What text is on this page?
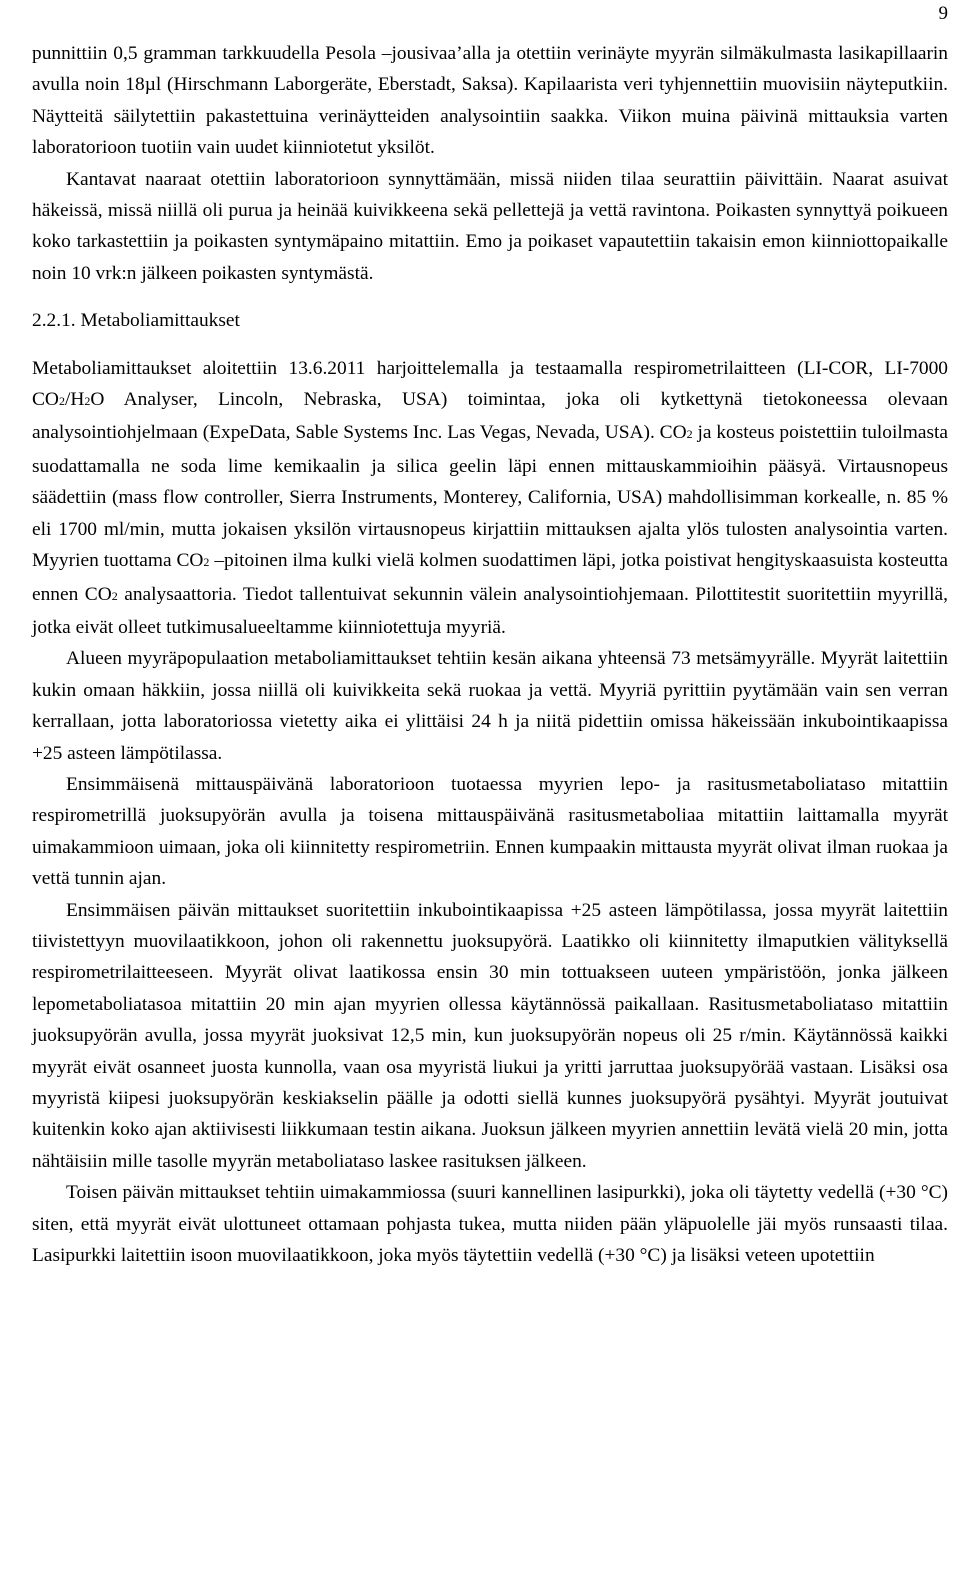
9

punnittiin 0,5 gramman tarkkuudella Pesola –jousivaa’alla ja otettiin verinäyte myyrän silmäkulmasta lasikapillaarin avulla noin 18µl (Hirschmann Laborgeräte, Eberstadt, Saksa). Kapilaarista veri tyhjennettiin muovisiin näyteputkiin. Näytteitä säilytettiin pakastettuina verinäytteiden analysointiin saakka. Viikon muina päivinä mittauksia varten laboratorioon tuotiin vain uudet kiinniotetut yksilöt.

Kantavat naaraat otettiin laboratorioon synnyttämään, missä niiden tilaa seurattiin päivittäin. Naarat asuivat häkeissä, missä niillä oli purua ja heinää kuivikkeena sekä pellettejä ja vettä ravintona. Poikasten synnyttyä poikueen koko tarkastettiin ja poikasten syntymäpaino mitattiin. Emo ja poikaset vapautettiin takaisin emon kiinniottopaikalle noin 10 vrk:n jälkeen poikasten syntymästä.

2.2.1. Metaboliamittaukset

Metaboliamittaukset aloitettiin 13.6.2011 harjoittelemalla ja testaamalla respirometrilaitteen (LI-COR, LI-7000 CO2/H2O Analyser, Lincoln, Nebraska, USA) toimintaa, joka oli kytkettynä tietokoneessa olevaan analysointiohjelmaan (ExpeData, Sable Systems Inc. Las Vegas, Nevada, USA). CO2 ja kosteus poistettiin tuloilmasta suodattamalla ne soda lime kemikaalin ja silica geelin läpi ennen mittauskammioihin pääsyä. Virtausnopeus säädettiin (mass flow controller, Sierra Instruments, Monterey, California, USA) mahdollisimman korkealle, n. 85 % eli 1700 ml/min, mutta jokaisen yksilön virtausnopeus kirjattiin mittauksen ajalta ylös tulosten analysointia varten. Myyrien tuottama CO2 –pitoinen ilma kulki vielä kolmen suodattimen läpi, jotka poistivat hengityskaasuista kosteutta ennen CO2 analysaattoria. Tiedot tallentuivat sekunnin välein analysointiohjemaan. Pilottitestit suoritettiin myyrillä, jotka eivät olleet tutkimusalueeltamme kiinniotettuja myyriä.

Alueen myyräpopulaation metaboliamittaukset tehtiin kesän aikana yhteensä 73 metsämyyrälle. Myyrät laitettiin kukin omaan häkkiin, jossa niillä oli kuivikkeita sekä ruokaa ja vettä. Myyriä pyrittiin pyytämään vain sen verran kerrallaan, jotta laboratoriossa vietetty aika ei ylittäisi 24 h ja niitä pidettiin omissa häkeissään inkubointikaapissa +25 asteen lämpötilassa.

Ensimmäisenä mittauspäivänä laboratorioon tuotaessa myyrien lepo- ja rasitusmetaboliataso mitattiin respirometrillä juoksupyörän avulla ja toisena mittauspäivänä rasitusmetaboliaa mitattiin laittamalla myyrät uimakammioon uimaan, joka oli kiinnitetty respirometriin. Ennen kumpaakin mittausta myyrät olivat ilman ruokaa ja vettä tunnin ajan.

Ensimmäisen päivän mittaukset suoritettiin inkubointikaapissa +25 asteen lämpötilassa, jossa myyrät laitettiin tiivistettyyn muovilaatikkoon, johon oli rakennettu juoksupyörä. Laatikko oli kiinnitetty ilmaputkien välityksellä respirometrilaitteeseen. Myyrät olivat laatikossa ensin 30 min tottuakseen uuteen ympäristöön, jonka jälkeen lepometaboliatasoa mitattiin 20 min ajan myyrien ollessa käytännössä paikallaan. Rasitusmetaboliataso mitattiin juoksupyörän avulla, jossa myyrät juoksivat 12,5 min, kun juoksupyörän nopeus oli 25 r/min. Käytännössä kaikki myyrät eivät osanneet juosta kunnolla, vaan osa myyristä liukui ja yritti jarruttaa juoksupyörää vastaan. Lisäksi osa myyristä kiipesi juoksupyörän keskiakselin päälle ja odotti siellä kunnes juoksupyörä pysähtyi. Myyrät joutuivat kuitenkin koko ajan aktiivisesti liikkumaan testin aikana. Juoksun jälkeen myyrien annettiin levätä vielä 20 min, jotta nähtäisiin mille tasolle myyrän metaboliataso laskee rasituksen jälkeen.

Toisen päivän mittaukset tehtiin uimakammiossa (suuri kannellinen lasipurkki), joka oli täytetty vedellä (+30 °C) siten, että myyrät eivät ulottuneet ottamaan pohjasta tukea, mutta niiden pään yläpuolelle jäi myös runsaasti tilaa. Lasipurkki laitettiin isoon muovilaatikkoon, joka myös täytettiin vedellä (+30 °C) ja lisäksi veteen upotettiin
